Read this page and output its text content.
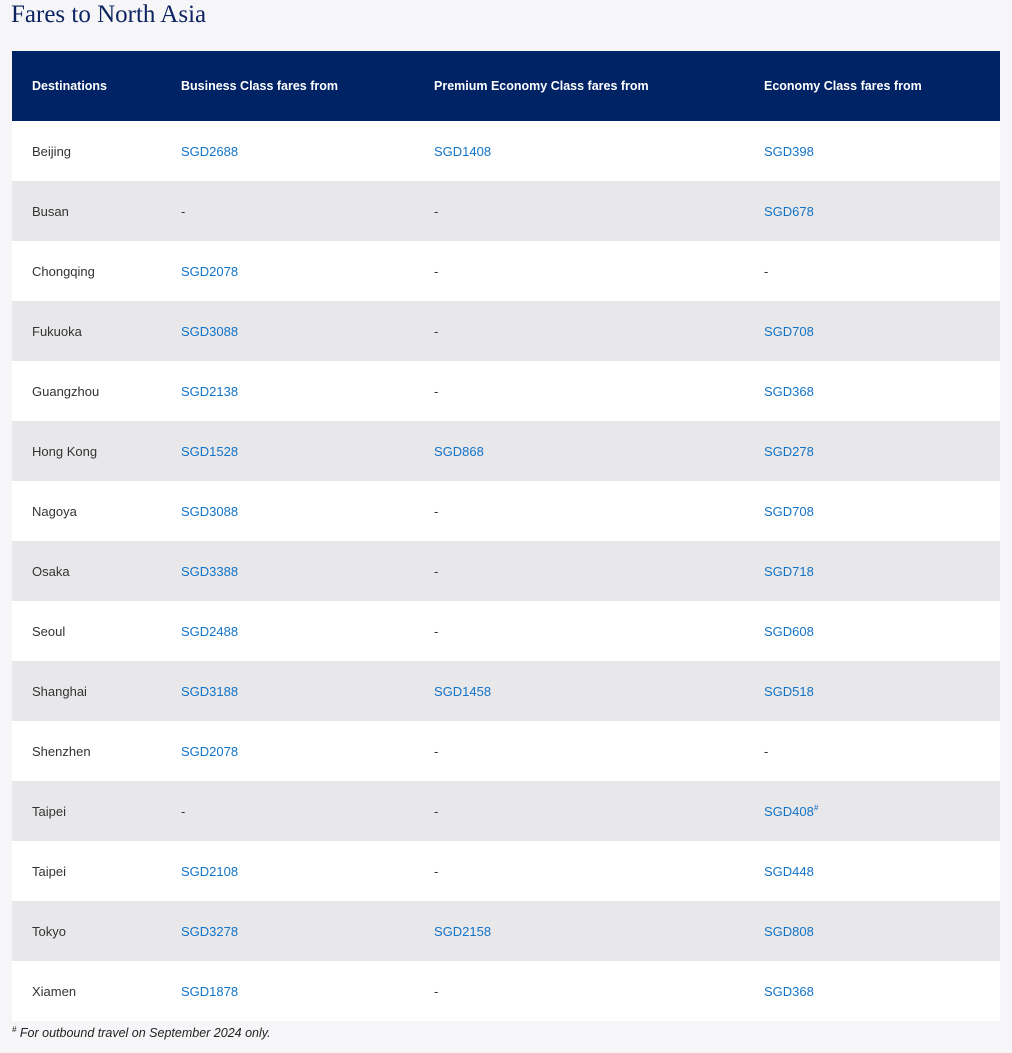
Fares to North Asia
Destinations	Business Class fares from	Premium Economy Class fares from	Economy Class fares from
Beijing	SGD2688	SGD1408	SGD398
Busan	-	-	SGD678
Chongqing	SGD2078	-	-
Fukuoka	SGD3088	-	SGD708
Guangzhou	SGD2138	-	SGD368
Hong Kong	SGD1528	SGD868	SGD278
Nagoya	SGD3088	-	SGD708
Osaka	SGD3388	-	SGD718
Seoul	SGD2488	-	SGD608
Shanghai	SGD3188	SGD1458	SGD518
Shenzhen	SGD2078	-	-
Taipei	-	-	SGD408#
Taipei	SGD2108	-	SGD448
Tokyo	SGD3278	SGD2158	SGD808
Xiamen	SGD1878	-	SGD368
# For outbound travel on September 2024 only.
